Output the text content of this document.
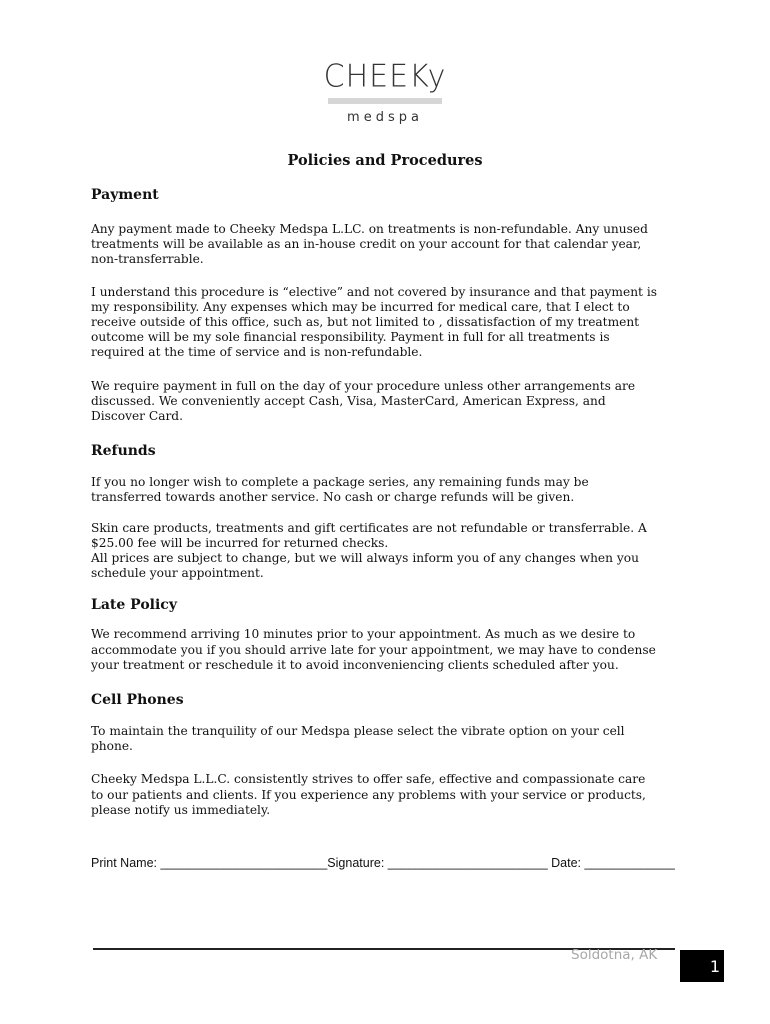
CHEEKy
medspa
Policies and Procedures

Payment

Any payment made to Cheeky Medspa L.LC. on treatments is non-refundable. Any unused
treatments will be available as an in-house credit on your account for that calendar year,
non-transferrable.

I understand this procedure is “elective” and not covered by insurance and that payment is
my responsibility. Any expenses which may be incurred for medical care, that I elect to
receive outside of this office, such as, but not limited to , dissatisfaction of my treatment
outcome will be my sole financial responsibility. Payment in full for all treatments is
required at the time of service and is non-refundable.

We require payment in full on the day of your procedure unless other arrangements are
discussed. We conveniently accept Cash, Visa, MasterCard, American Express, and
Discover Card.

Refunds

If you no longer wish to complete a package series, any remaining funds may be
transferred towards another service. No cash or charge refunds will be given.

Skin care products, treatments and gift certificates are not refundable or transferrable. A
$25.00 fee will be incurred for returned checks.
All prices are subject to change, but we will always inform you of any changes when you
schedule your appointment.

Late Policy

We recommend arriving 10 minutes prior to your appointment. As much as we desire to
accommodate you if you should arrive late for your appointment, we may have to condense
your treatment or reschedule it to avoid inconveniencing clients scheduled after you.

Cell Phones

To maintain the tranquility of our Medspa please select the vibrate option on your cell
phone.

Cheeky Medspa L.L.C. consistently strives to offer safe, effective and compassionate care
to our patients and clients. If you experience any problems with your service or products,
please notify us immediately.

Print Name: ________________________Signature: _______________________ Date: _____________
Soldotna, AK
1
